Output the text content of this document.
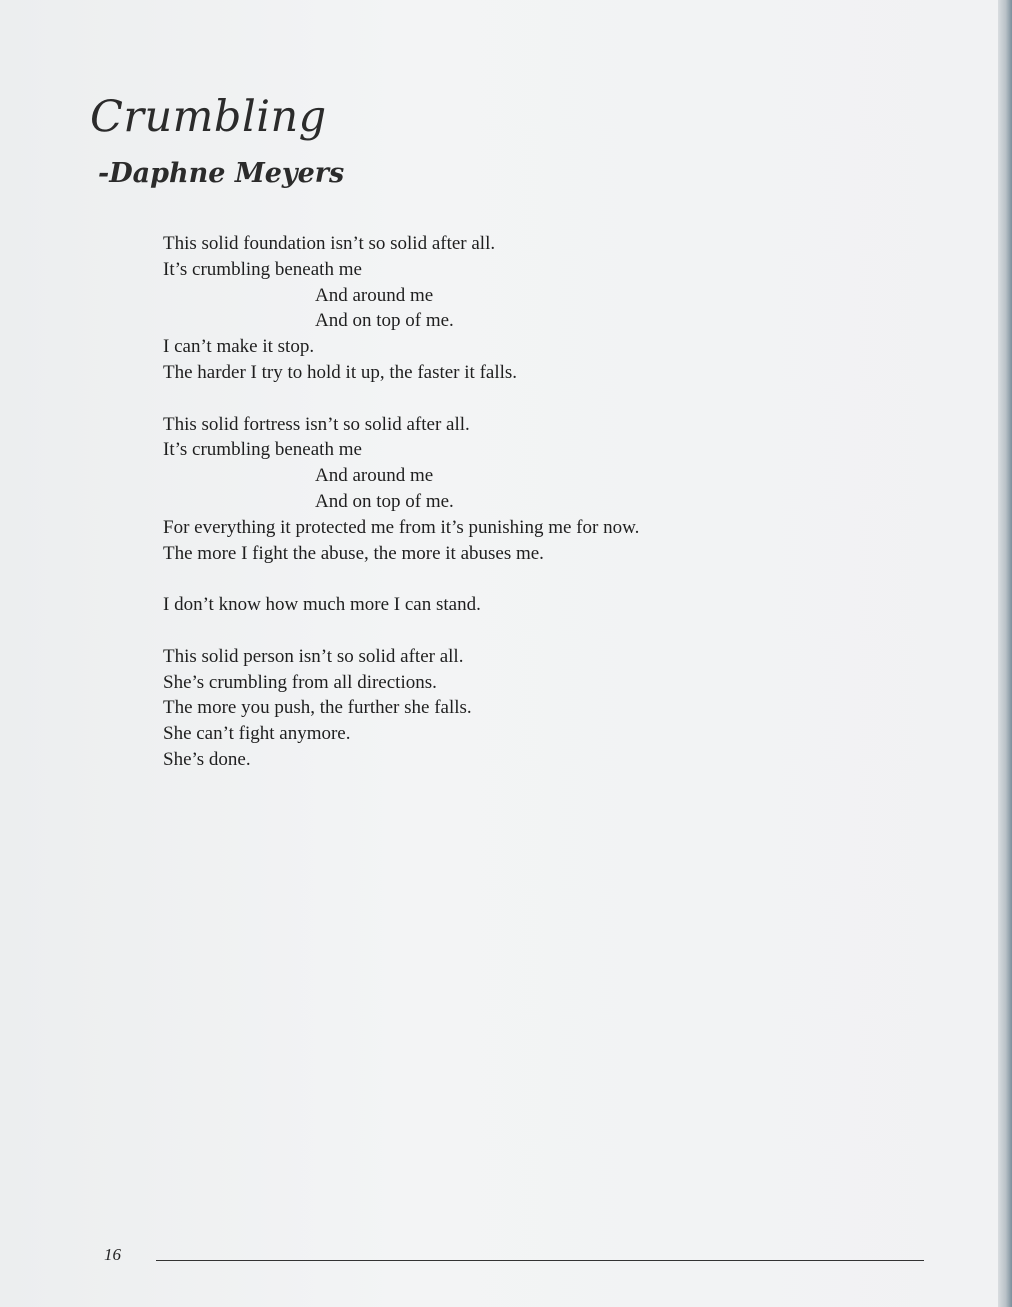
Crumbling
-Daphne Meyers
This solid foundation isn’t so solid after all.
It’s crumbling beneath me
And around me
And on top of me.
I can’t make it stop.
The harder I try to hold it up, the faster it falls.
This solid fortress isn’t so solid after all.
It’s crumbling beneath me
And around me
And on top of me.
For everything it protected me from it’s punishing me for now.
The more I fight the abuse, the more it abuses me.
I don’t know how much more I can stand.
This solid person isn’t so solid after all.
She’s crumbling from all directions.
The more you push, the further she falls.
She can’t fight anymore.
She’s done.
16
